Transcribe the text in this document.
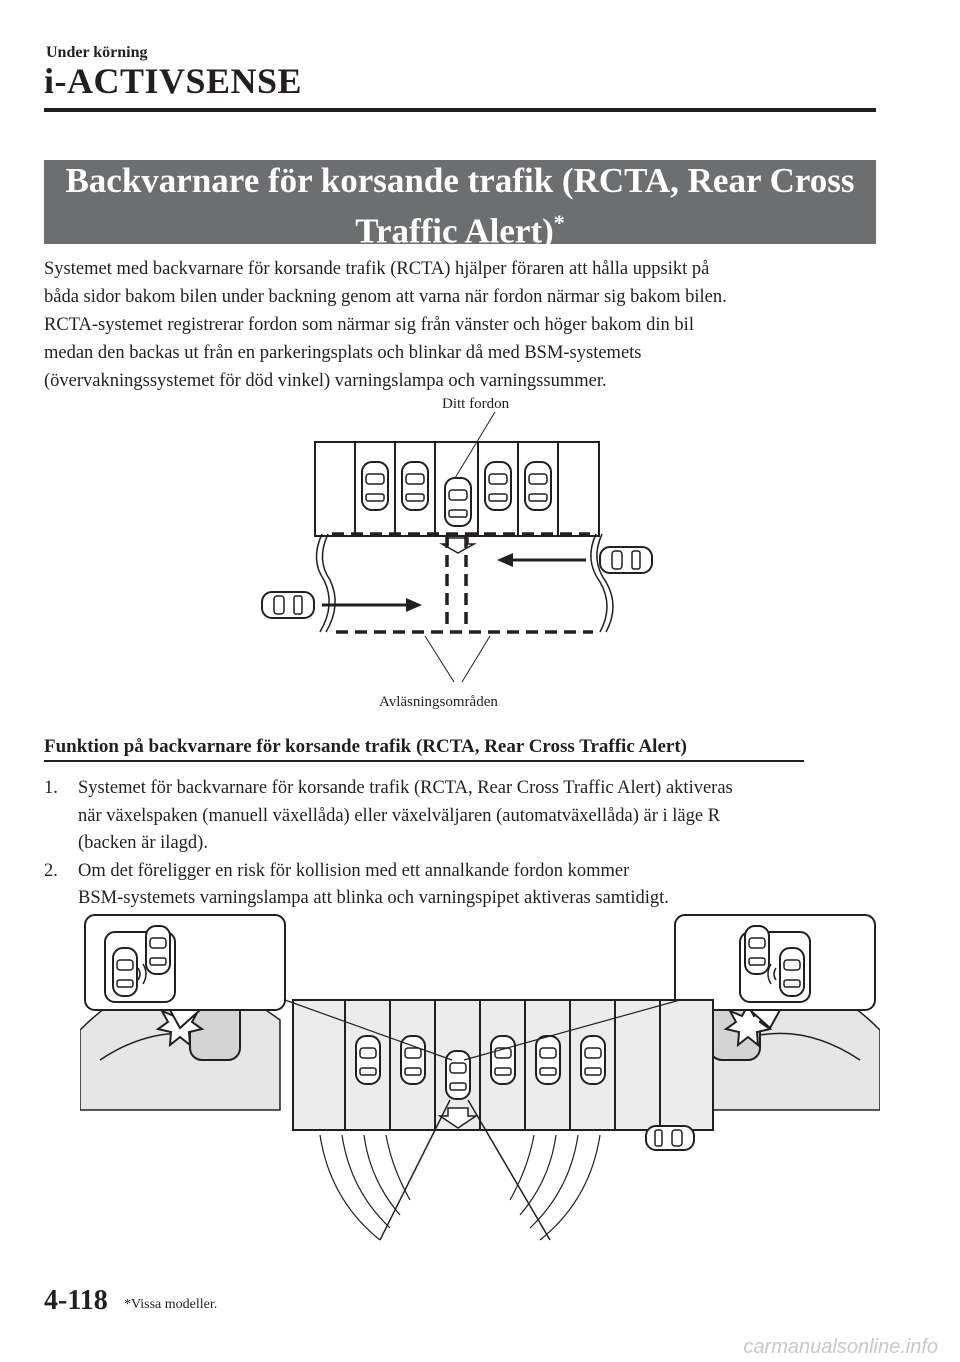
Under körning
i-ACTIVSENSE
Backvarnare för korsande trafik (RCTA, Rear Cross
Traffic Alert)*

Systemet med backvarnare för korsande trafik (RCTA) hjälper föraren att hålla uppsikt på

båda sidor bakom bilen under backning genom att varna när fordon närmar sig bakom bilen.

RCTA-systemet registrerar fordon som närmar sig från vänster och höger bakom din bil

medan den backas ut från en parkeringsplats och blinkar då med BSM-systemets

(övervakningssystemet för död vinkel) varningslampa och varningssummer.

Ditt fordon
Avläsningsområden
Funktion på backvarnare för korsande trafik (RCTA, Rear Cross Traffic Alert)
1. Systemet för backvarnare för korsande trafik (RCTA, Rear Cross Traffic Alert) aktiveras

när växelspaken (manuell växellåda) eller växelväljaren (automatväxellåda) är i läge R

(backen är ilagd).

2. Om det föreligger en risk för kollision med ett annalkande fordon kommer

BSM-systemets varningslampa att blinka och varningspipet aktiveras samtidigt.

4-118 *Vissa modeller.
carmanualsonline.info
